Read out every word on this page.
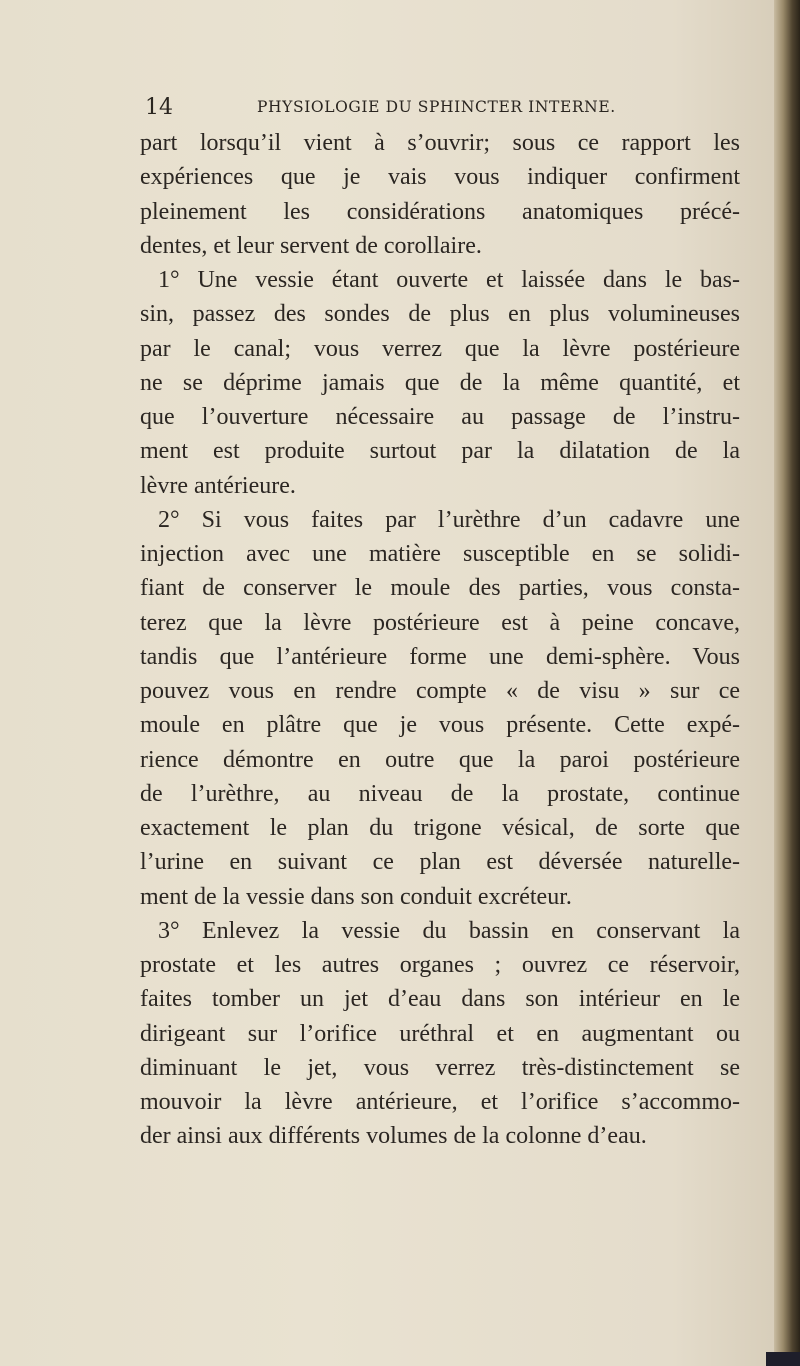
14	PHYSIOLOGIE DU SPHINCTER INTERNE.
part lorsqu’il vient à s’ouvrir; sous ce rapport les
expériences que je vais vous indiquer confirment
pleinement les considérations anatomiques précé-
dentes, et leur servent de corollaire.
1° Une vessie étant ouverte et laissée dans le bas-
sin, passez des sondes de plus en plus volumineuses
par le canal; vous verrez que la lèvre postérieure
ne se déprime jamais que de la même quantité, et
que l’ouverture nécessaire au passage de l’instru-
ment est produite surtout par la dilatation de la
lèvre antérieure.
2° Si vous faites par l’urèthre d’un cadavre une
injection avec une matière susceptible en se solidi-
fiant de conserver le moule des parties, vous consta-
terez que la lèvre postérieure est à peine concave,
tandis que l’antérieure forme une demi-sphère. Vous
pouvez vous en rendre compte « de visu » sur ce
moule en plâtre que je vous présente. Cette expé-
rience démontre en outre que la paroi postérieure
de l’urèthre, au niveau de la prostate, continue
exactement le plan du trigone vésical, de sorte que
l’urine en suivant ce plan est déversée naturelle-
ment de la vessie dans son conduit excréteur.
3° Enlevez la vessie du bassin en conservant la
prostate et les autres organes ; ouvrez ce réservoir,
faites tomber un jet d’eau dans son intérieur en le
dirigeant sur l’orifice uréthral et en augmentant ou
diminuant le jet, vous verrez très-distinctement se
mouvoir la lèvre antérieure, et l’orifice s’accommo-
der ainsi aux différents volumes de la colonne d’eau.
